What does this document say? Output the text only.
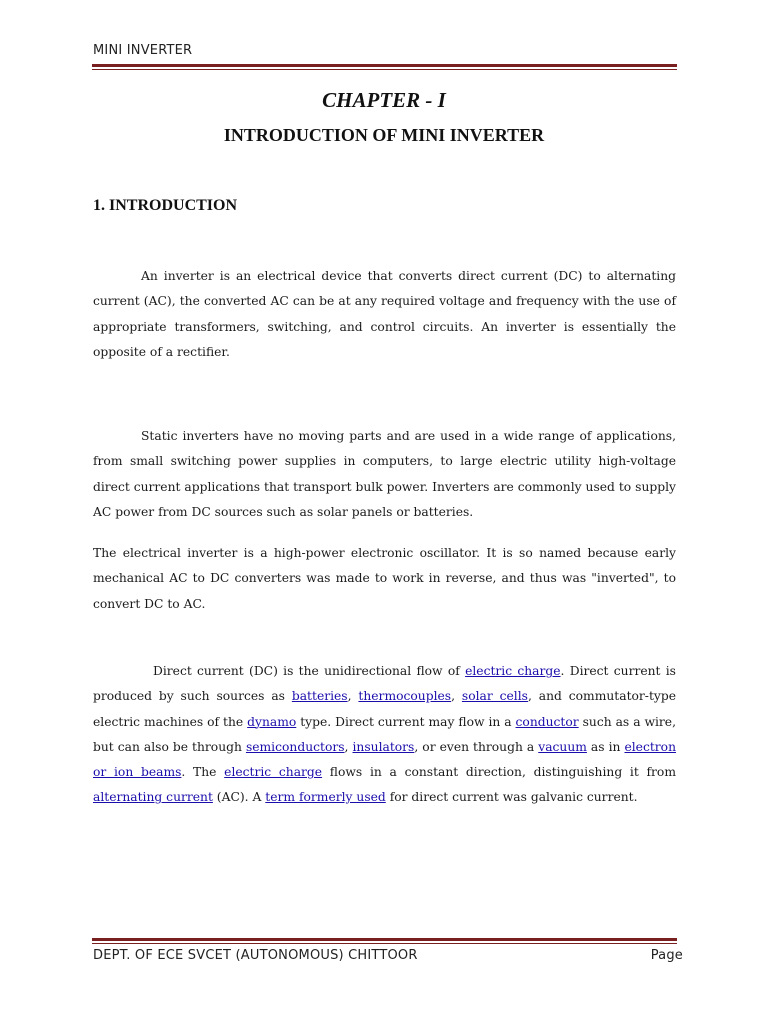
MINI INVERTER
CHAPTER - I
INTRODUCTION OF MINI INVERTER
1. INTRODUCTION

An inverter is an electrical device that converts direct current (DC) to alternating current (AC), the converted AC can be at any required voltage and frequency with the use of appropriate transformers, switching, and control circuits. An inverter is essentially the opposite of a rectifier.

Static inverters have no moving parts and are used in a wide range of applications, from small switching power supplies in computers, to large electric utility high-voltage direct current applications that transport bulk power. Inverters are commonly used to supply AC power from DC sources such as solar panels or batteries.

The electrical inverter is a high-power electronic oscillator. It is so named because early mechanical AC to DC converters was made to work in reverse, and thus was "inverted", to convert DC to AC.

Direct current (DC) is the unidirectional flow of electric charge. Direct current is produced by such sources as batteries, thermocouples, solar cells, and commutator-type electric machines of the dynamo type. Direct current may flow in a conductor such as a wire, but can also be through semiconductors, insulators, or even through a vacuum as in electron or ion beams. The electric charge flows in a constant direction, distinguishing it from alternating current (AC). A term formerly used for direct current was galvanic current.

DEPT. OF ECE SVCET (AUTONOMOUS) CHITTOOR	Page
